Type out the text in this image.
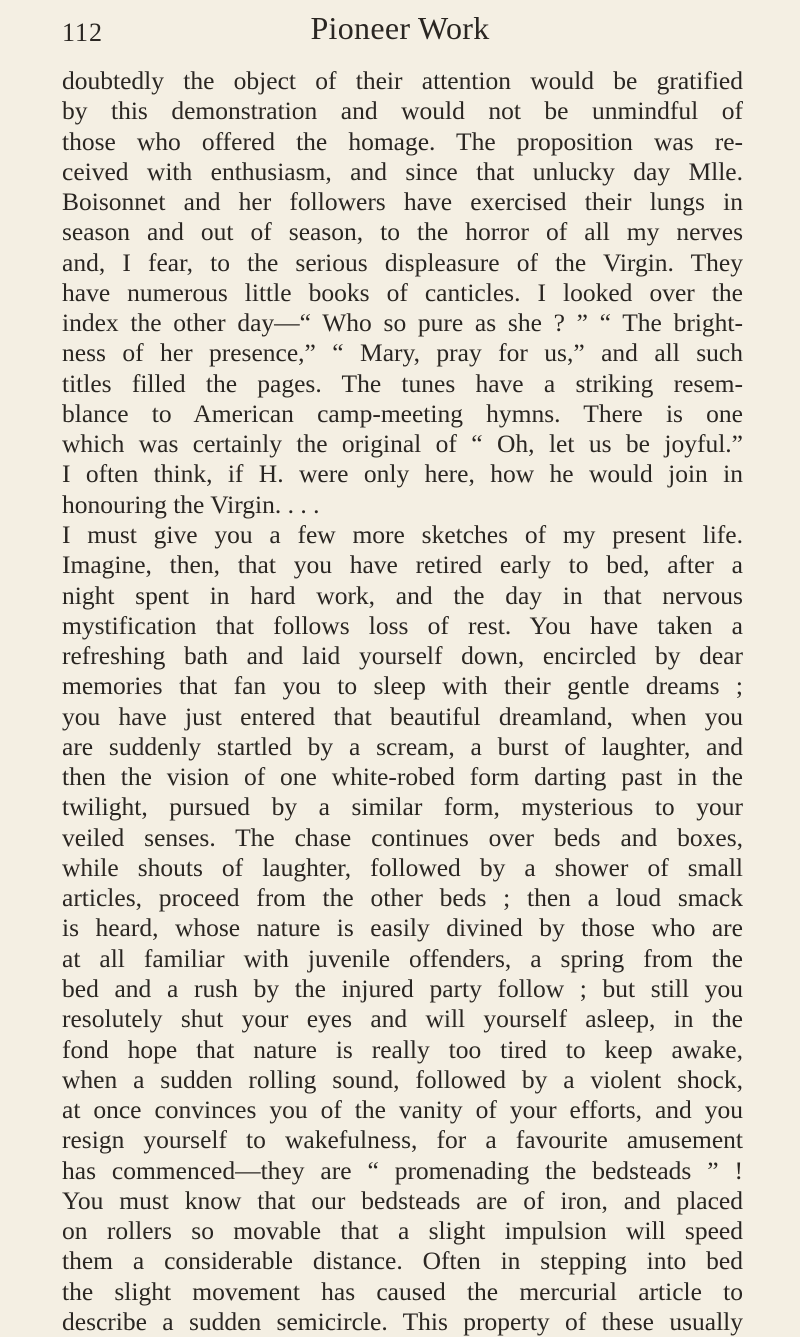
112	Pioneer Work
doubtedly the object of their attention would be gratified
by this demonstration and would not be unmindful of
those who offered the homage. The proposition was re-
ceived with enthusiasm, and since that unlucky day Mlle.
Boisonnet and her followers have exercised their lungs in
season and out of season, to the horror of all my nerves
and, I fear, to the serious displeasure of the Virgin. They
have numerous little books of canticles. I looked over the
index the other day—“ Who so pure as she ? ” “ The bright-
ness of her presence,” “ Mary, pray for us,” and all such
titles filled the pages. The tunes have a striking resem-
blance to American camp-meeting hymns. There is one
which was certainly the original of “ Oh, let us be joyful.”
I often think, if H. were only here, how he would join in
honouring the Virgin. . . .
I must give you a few more sketches of my present life.
Imagine, then, that you have retired early to bed, after a
night spent in hard work, and the day in that nervous
mystification that follows loss of rest. You have taken a
refreshing bath and laid yourself down, encircled by dear
memories that fan you to sleep with their gentle dreams ;
you have just entered that beautiful dreamland, when you
are suddenly startled by a scream, a burst of laughter, and
then the vision of one white-robed form darting past in the
twilight, pursued by a similar form, mysterious to your
veiled senses. The chase continues over beds and boxes,
while shouts of laughter, followed by a shower of small
articles, proceed from the other beds ; then a loud smack
is heard, whose nature is easily divined by those who are
at all familiar with juvenile offenders, a spring from the
bed and a rush by the injured party follow ; but still you
resolutely shut your eyes and will yourself asleep, in the
fond hope that nature is really too tired to keep awake,
when a sudden rolling sound, followed by a violent shock,
at once convinces you of the vanity of your efforts, and you
resign yourself to wakefulness, for a favourite amusement
has commenced—they are “ promenading the bedsteads ” !
You must know that our bedsteads are of iron, and placed
on rollers so movable that a slight impulsion will speed
them a considerable distance. Often in stepping into bed
the slight movement has caused the mercurial article to
describe a sudden semicircle. This property of these usually
